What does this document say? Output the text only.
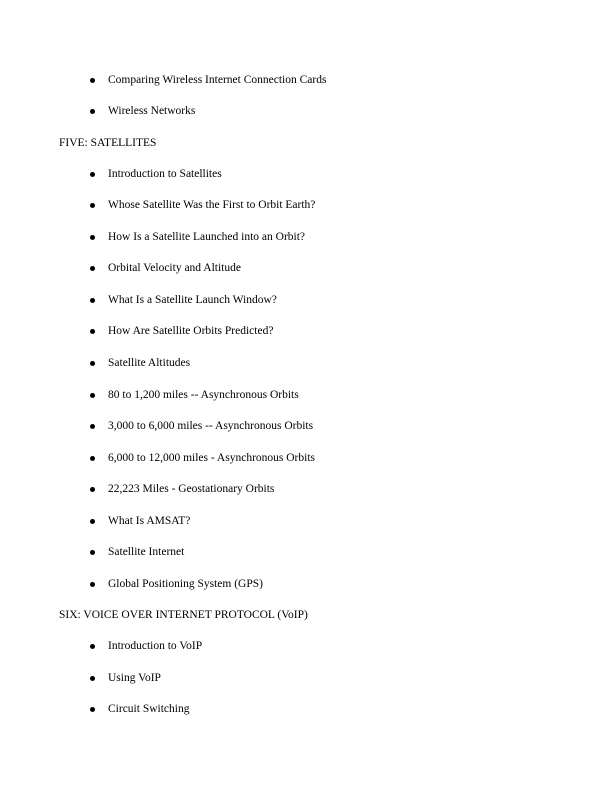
Comparing Wireless Internet Connection Cards
Wireless Networks
FIVE: SATELLITES
Introduction to Satellites
Whose Satellite Was the First to Orbit Earth?
How Is a Satellite Launched into an Orbit?
Orbital Velocity and Altitude
What Is a Satellite Launch Window?
How Are Satellite Orbits Predicted?
Satellite Altitudes
80 to 1,200 miles -- Asynchronous Orbits
3,000 to 6,000 miles -- Asynchronous Orbits
6,000 to 12,000 miles - Asynchronous Orbits
22,223 Miles - Geostationary Orbits
What Is AMSAT?
Satellite Internet
Global Positioning System (GPS)
SIX: VOICE OVER INTERNET PROTOCOL (VoIP)
Introduction to VoIP
Using VoIP
Circuit Switching
